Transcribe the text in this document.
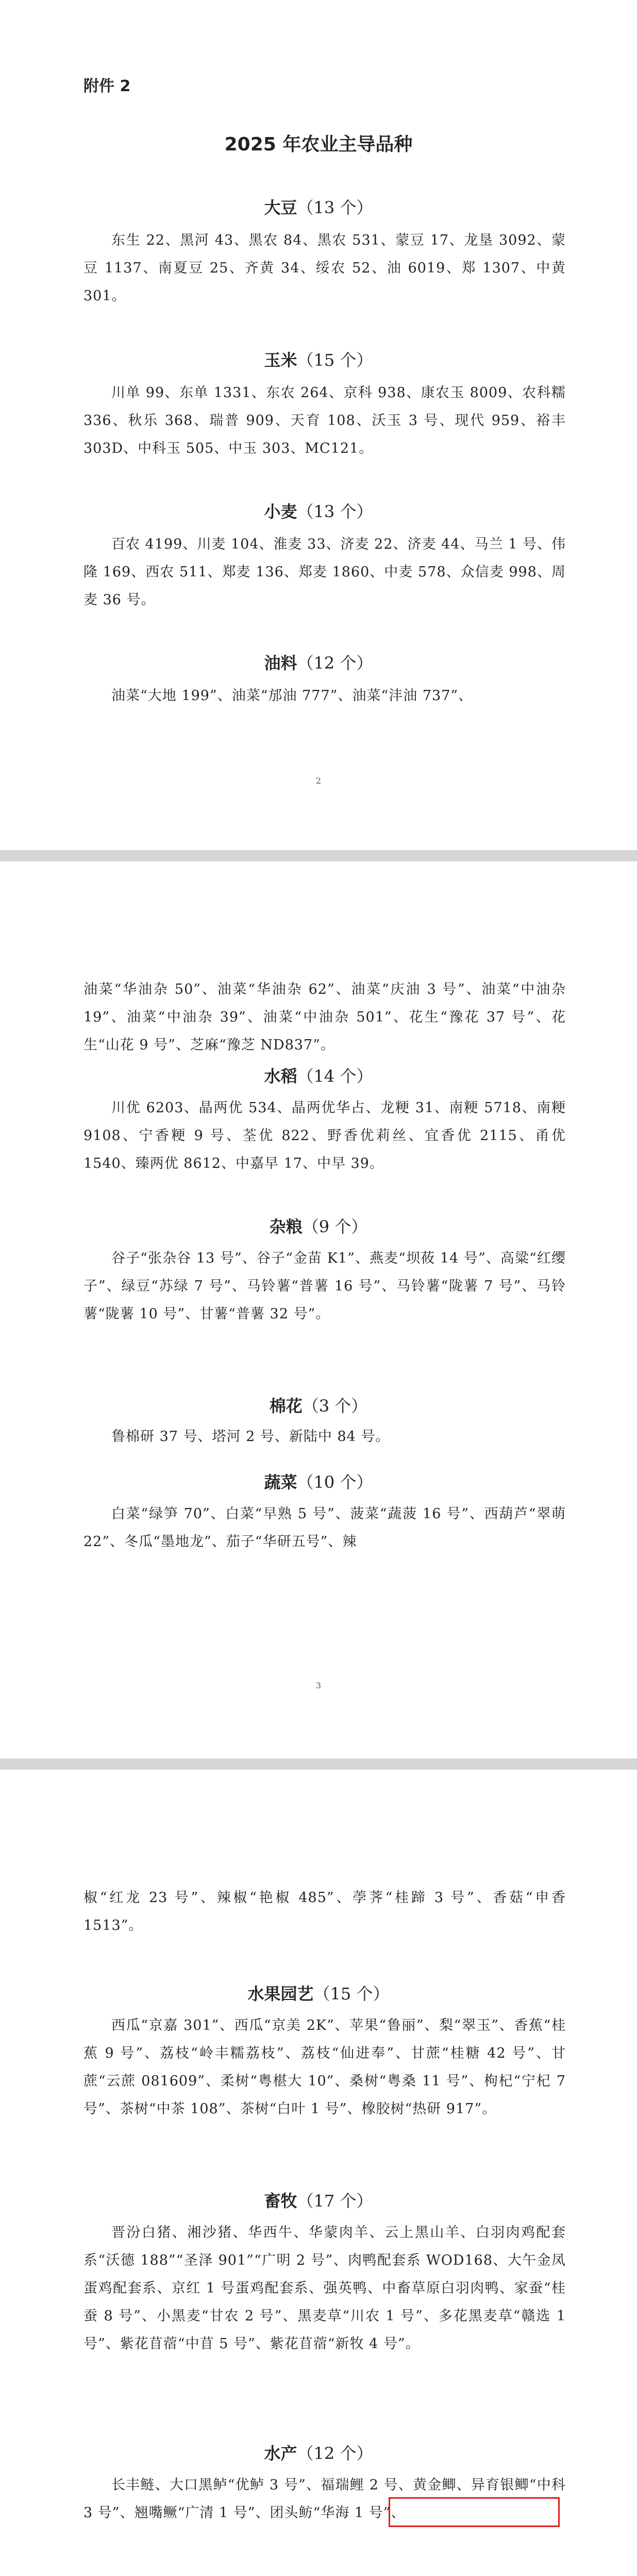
附件 2
2025 年农业主导品种
大豆（13 个）
东生 22、黑河 43、黑农 84、黑农 531、蒙豆 17、龙垦 3092、蒙豆 1137、南夏豆 25、齐黄 34、绥农 52、油 6019、郑 1307、中黄 301。
玉米（15 个）
川单 99、东单 1331、东农 264、京科 938、康农玉 8009、农科糯 336、秋乐 368、瑞普 909、天育 108、沃玉 3 号、现代 959、裕丰 303D、中科玉 505、中玉 303、MC121。
小麦（13 个）
百农 4199、川麦 104、淮麦 33、济麦 22、济麦 44、马兰 1 号、伟隆 169、西农 511、郑麦 136、郑麦 1860、中麦 578、众信麦 998、周麦 36 号。
油料（12 个）
油菜“大地 199”、油菜“邡油 777”、油菜“沣油 737”、
2
油菜“华油杂 50”、油菜“华油杂 62”、油菜“庆油 3 号”、油菜“中油杂 19”、油菜“中油杂 39”、油菜“中油杂 501”、花生“豫花 37 号”、花生“山花 9 号”、芝麻“豫芝 ND837”。
水稻（14 个）
川优 6203、晶两优 534、晶两优华占、龙粳 31、南粳 5718、南粳 9108、宁香粳 9 号、荃优 822、野香优莉丝、宜香优 2115、甬优 1540、臻两优 8612、中嘉早 17、中早 39。
杂粮（9 个）
谷子“张杂谷 13 号”、谷子“金苗 K1”、燕麦“坝莜 14 号”、高粱“红缨子”、绿豆“苏绿 7 号”、马铃薯“普薯 16 号”、马铃薯“陇薯 7 号”、马铃薯“陇薯 10 号”、甘薯“普薯 32 号”。
棉花（3 个）
鲁棉研 37 号、塔河 2 号、新陆中 84 号。
蔬菜（10 个）
白菜“绿笋 70”、白菜“早熟 5 号”、菠菜“蔬菠 16 号”、西葫芦“翠萌 22”、冬瓜“墨地龙”、茄子“华研五号”、辣
3
椒“红龙 23 号”、辣椒“艳椒 485”、荸荠“桂蹄 3 号”、香菇“申香 1513”。
水果园艺（15 个）
西瓜“京嘉 301”、西瓜“京美 2K”、苹果“鲁丽”、梨“翠玉”、香蕉“桂蕉 9 号”、荔枝“岭丰糯荔枝”、荔枝“仙进奉”、甘蔗“桂糖 42 号”、甘蔗“云蔗 081609”、柔树“粤椹大 10”、桑树“粤桑 11 号”、枸杞“宁杞 7 号”、茶树“中茶 108”、茶树“白叶 1 号”、橡胶树“热研 917”。
畜牧（17 个）
晋汾白猪、湘沙猪、华西牛、华蒙肉羊、云上黑山羊、白羽肉鸡配套系“沃德 188”“圣泽 901”“广明 2 号”、肉鸭配套系 WOD168、大午金凤蛋鸡配套系、京红 1 号蛋鸡配套系、强英鸭、中畜草原白羽肉鸭、家蚕“桂蚕 8 号”、小黑麦“甘农 2 号”、黑麦草“川农 1 号”、多花黑麦草“赣选 1 号”、紫花苜蓿“中苜 5 号”、紫花苜蓿“新牧 4 号”。
水产（12 个）
长丰鲢、大口黑鲈“优鲈 3 号”、福瑞鲤 2 号、黄金鲫、异育银鲫“中科 3 号”、翘嘴鳜“广清 1 号”、团头鲂“华海 1 号”、
